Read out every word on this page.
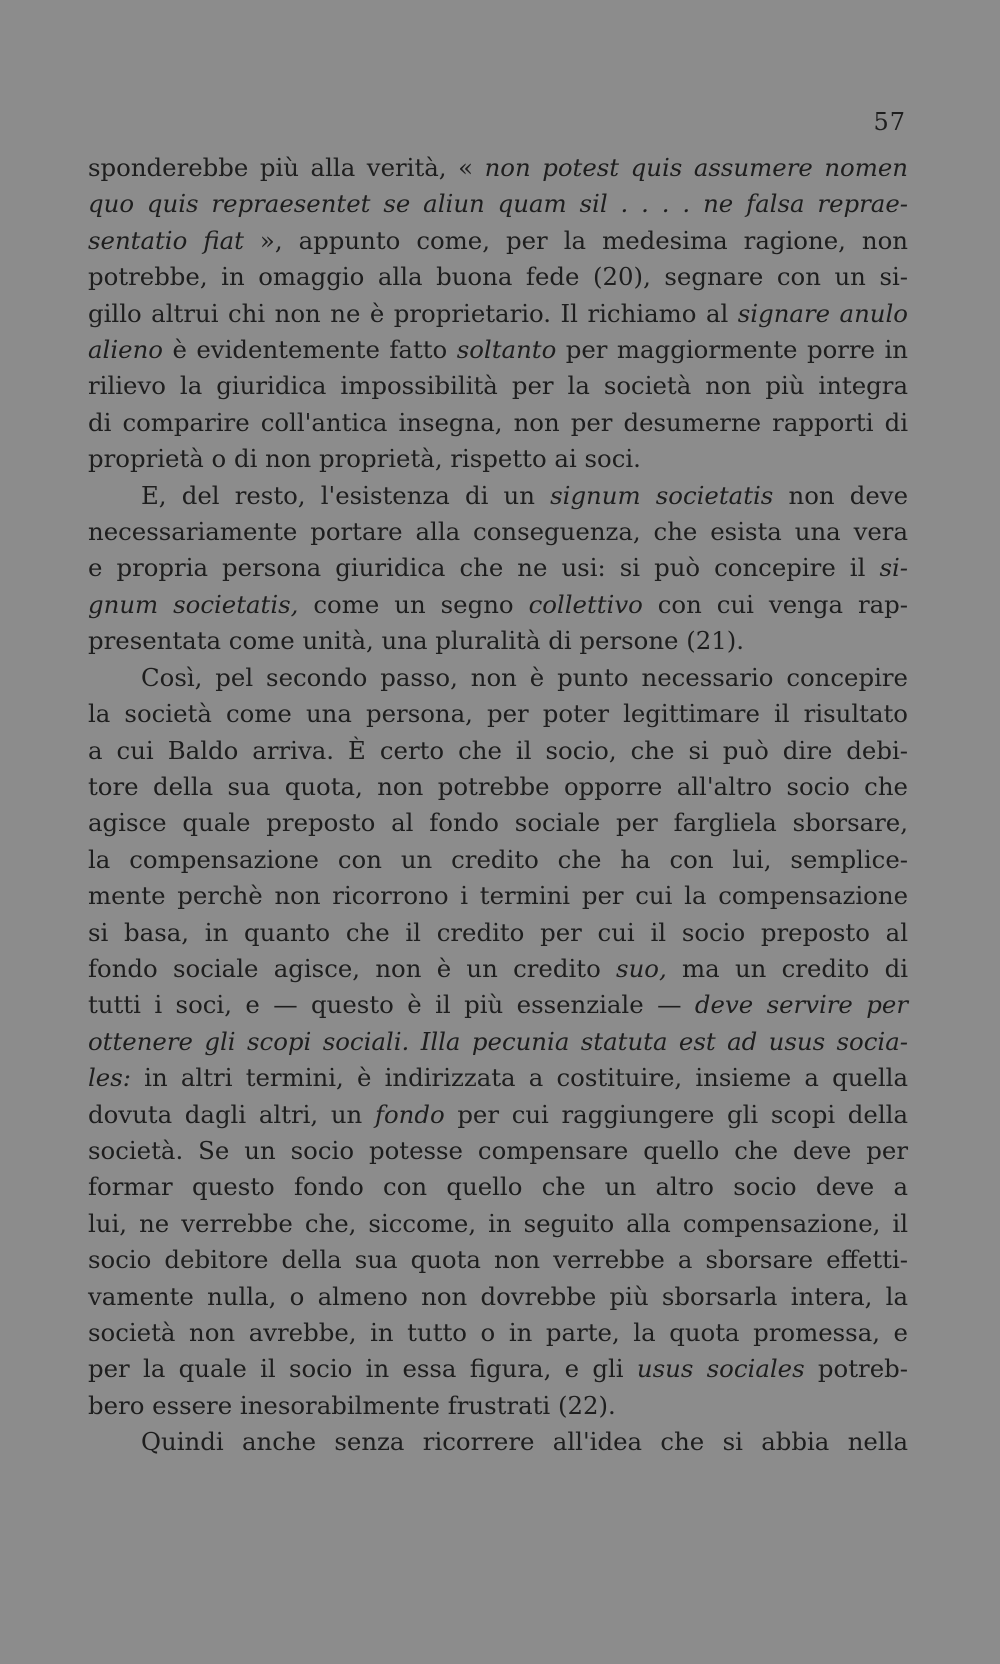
57

sponderebbe più alla verità, « non potest quis assumere nomen

quo quis repraesentet se aliun quam sil . . . . ne falsa reprae-

sentatio fiat », appunto come, per la medesima ragione, non

potrebbe, in omaggio alla buona fede (20), segnare con un si-

gillo altrui chi non ne è proprietario. Il richiamo al signare anulo

alieno è evidentemente fatto soltanto per maggiormente porre in

rilievo la giuridica impossibilità per la società non più integra

di comparire coll'antica insegna, non per desumerne rapporti di

proprietà o di non proprietà, rispetto ai soci.

E, del resto, l'esistenza di un signum societatis non deve

necessariamente portare alla conseguenza, che esista una vera

e propria persona giuridica che ne usi: si può concepire il si-

gnum societatis, come un segno collettivo con cui venga rap-

presentata come unità, una pluralità di persone (21).

Così, pel secondo passo, non è punto necessario concepire

la società come una persona, per poter legittimare il risultato

a cui Baldo arriva. È certo che il socio, che si può dire debi-

tore della sua quota, non potrebbe opporre all'altro socio che

agisce quale preposto al fondo sociale per fargliela sborsare,

la compensazione con un credito che ha con lui, semplice-

mente perchè non ricorrono i termini per cui la compensazione

si basa, in quanto che il credito per cui il socio preposto al

fondo sociale agisce, non è un credito suo, ma un credito di

tutti i soci, e — questo è il più essenziale — deve servire per

ottenere gli scopi sociali. Illa pecunia statuta est ad usus socia-

les: in altri termini, è indirizzata a costituire, insieme a quella

dovuta dagli altri, un fondo per cui raggiungere gli scopi della

società. Se un socio potesse compensare quello che deve per

formar questo fondo con quello che un altro socio deve a

lui, ne verrebbe che, siccome, in seguito alla compensazione, il

socio debitore della sua quota non verrebbe a sborsare effetti-

vamente nulla, o almeno non dovrebbe più sborsarla intera, la

società non avrebbe, in tutto o in parte, la quota promessa, e

per la quale il socio in essa figura, e gli usus sociales potreb-

bero essere inesorabilmente frustrati (22).

Quindi anche senza ricorrere all'idea che si abbia nella
